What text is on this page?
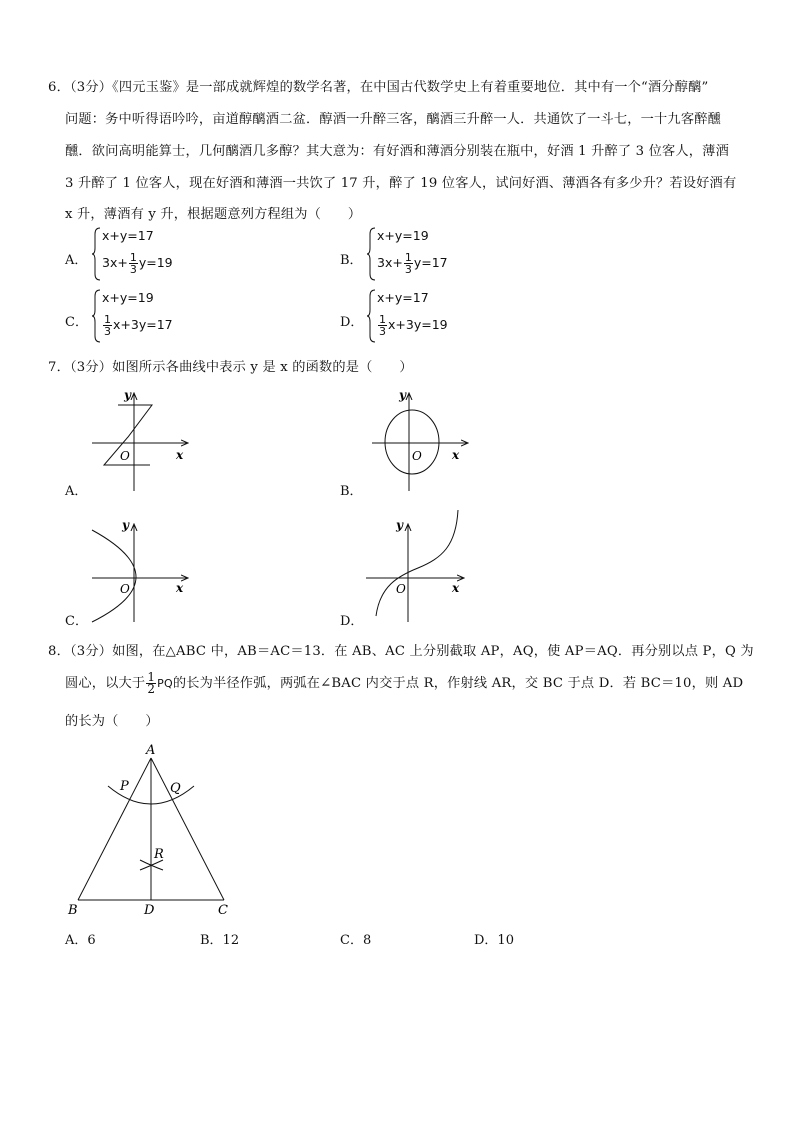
6．（3分）《四元玉鉴》是一部成就辉煌的数学名著，在中国古代数学史上有着重要地位．其中有一个“酒分醇醨”
问题：务中听得语吟吟，亩道醇醨酒二盆．醇酒一升醉三客，醨酒三升醉一人．共通饮了一斗七，一十九客醉醺
醺．欲问高明能算士，几何醨酒几多醇？其大意为：有好酒和薄酒分别装在瓶中，好酒 1 升醉了 3 位客人，薄酒
3 升醉了 1 位客人，现在好酒和薄酒一共饮了 17 升，醉了 19 位客人，试问好酒、薄酒各有多少升？若设好酒有
x 升，薄酒有 y 升，根据题意列方程组为（　　）
A．
x+y=17
$3x+ \frac{1}{3} y=19$	B．
x+y=19
$3x+ \frac{1}{3} y=17$
C．
x+y=19
$\frac{1}{3} x+3y=17$	D．
x+y=17
$\frac{1}{3} x+3y=19$
7．（3分）如图所示各曲线中表示 y 是 x 的函数的是（　　）
y
x
O
A．
y
x
O
B．
y
x
O
C．
y
x
O
D．
8．（3分）如图，在△ABC 中，AB＝AC＝13．在 AB、AC 上分别截取 AP，AQ，使 AP＝AQ．再分别以点 P，Q 为
圆心，以大于 $\frac{1}{2}$ PQ的长为半径作弧，两弧在∠BAC 内交于点 R，作射线 AR，交 BC 于点 D．若 BC＝10，则 AD
的长为（　　）
A
P	Q
R
B	D	C
A．6	B．12	C．8	D．10
